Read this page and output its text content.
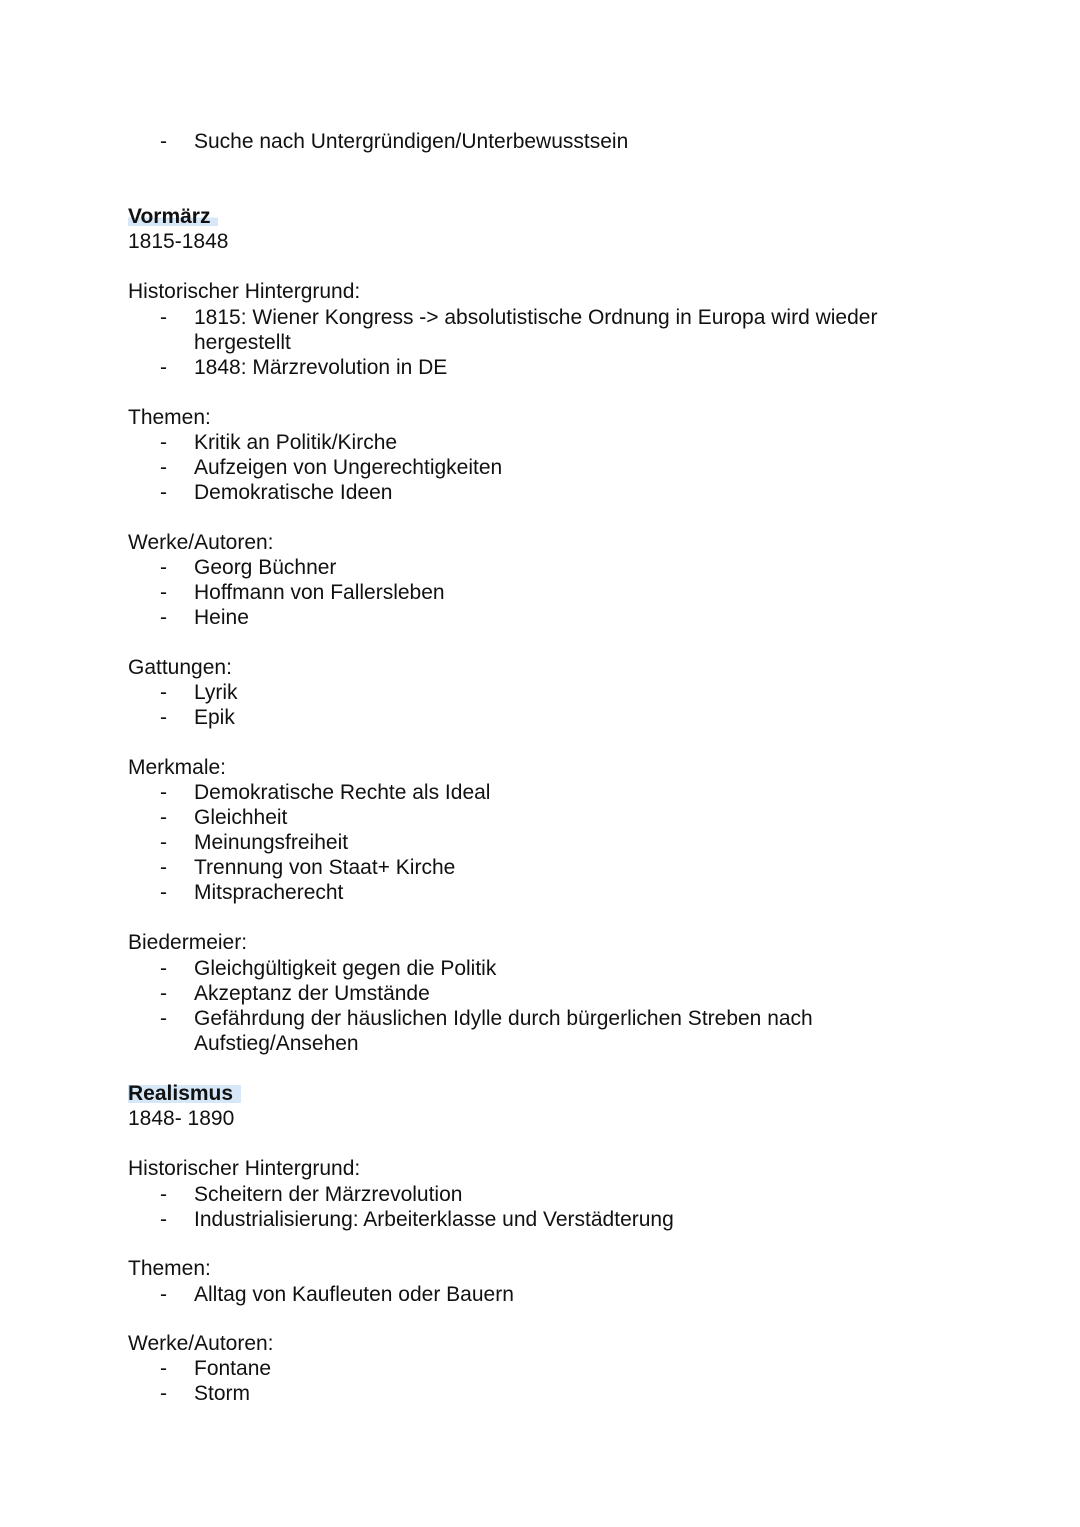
- Suche nach Untergründigen/Unterbewusstsein
Vormärz
1815-1848
Historischer Hintergrund:
- 1815: Wiener Kongress -> absolutistische Ordnung in Europa wird wieder
hergestellt
- 1848: Märzrevolution in DE
Themen:
- Kritik an Politik/Kirche
- Aufzeigen von Ungerechtigkeiten
- Demokratische Ideen
Werke/Autoren:
- Georg Büchner
- Hoffmann von Fallersleben
- Heine
Gattungen:
- Lyrik
- Epik
Merkmale:
- Demokratische Rechte als Ideal
- Gleichheit
- Meinungsfreiheit
- Trennung von Staat+ Kirche
- Mitspracherecht
Biedermeier:
- Gleichgültigkeit gegen die Politik
- Akzeptanz der Umstände
- Gefährdung der häuslichen Idylle durch bürgerlichen Streben nach
Aufstieg/Ansehen
Realismus
1848- 1890
Historischer Hintergrund:
- Scheitern der Märzrevolution
- Industrialisierung: Arbeiterklasse und Verstädterung
Themen:
- Alltag von Kaufleuten oder Bauern
Werke/Autoren:
- Fontane
- Storm
